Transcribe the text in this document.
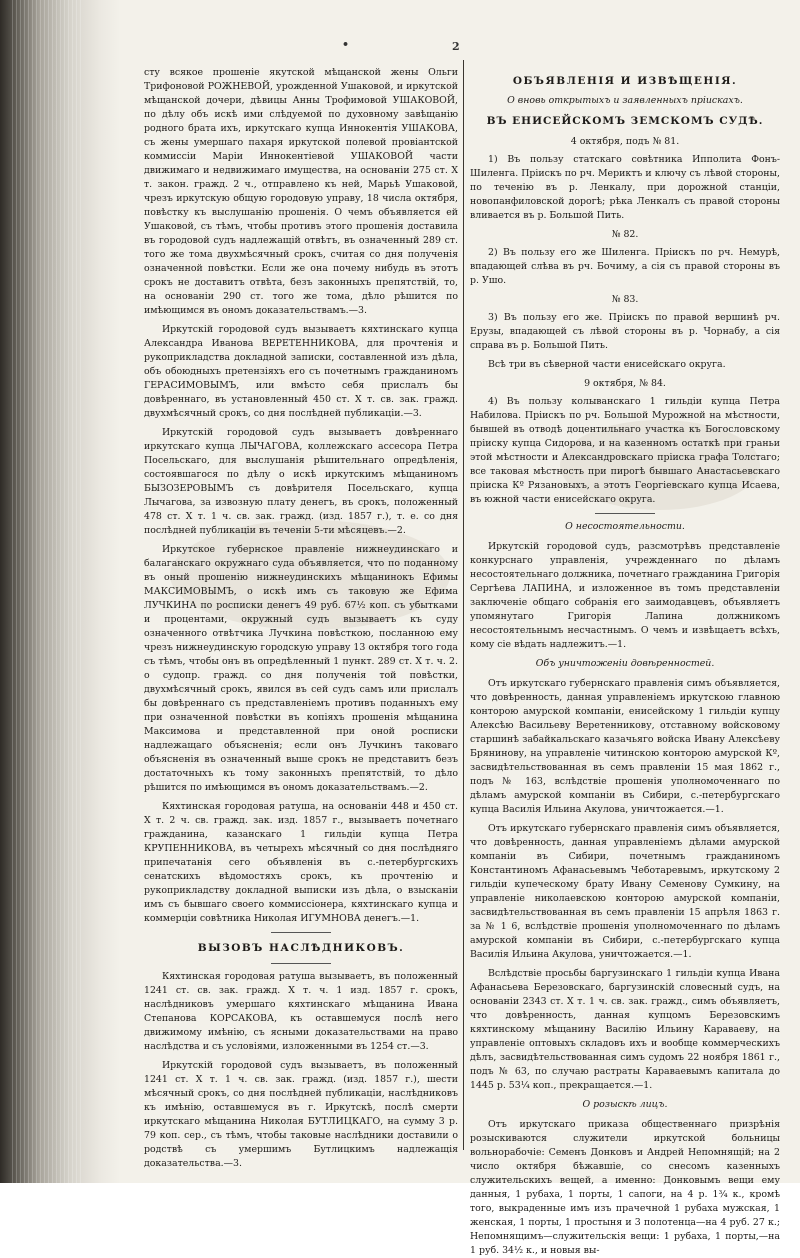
•	2

сту всякое прошеніе якутской мѣщанской жены Ольги Трифоновой РОЖНЕВОЙ, урожденной Ушаковой, и иркутской мѣщанской дочери, дѣвицы Анны Трофимовой УШАКОВОЙ, по дѣлу объ искѣ ими слѣдуемой по духовному завѣщанію родного брата ихъ, иркутскаго купца Иннокентія УШАКОВА, съ жены умершаго пахаря иркутской полевой провіантской коммиссіи Маріи Иннокентіевой УШАКОВОЙ части движимаго и недвижимаго имущества, на основаніи 275 ст. X т. закон. гражд. 2 ч., отправлено къ ней, Марьѣ Ушаковой, чрезъ иркутскую общую городовую управу, 18 числа октября, повѣстку къ выслушанію прошенія. О чемъ объявляется ей Ушаковой, съ тѣмъ, чтобы противъ этого прошенія доставила въ городовой судъ надлежащій отвѣтъ, въ означенный 289 ст. того же тома двухмѣсячный срокъ, считая со дня полученія означенной повѣстки. Если же она почему нибудь въ этотъ срокъ не доставитъ отвѣта, безъ законныхъ препятствій, то, на основаніи 290 ст. того же тома, дѣло рѣшится по имѣющимся въ ономъ доказательствамъ.—3.

Иркутскій городовой судъ вызываетъ кяхтинскаго купца Александра Иванова ВЕРЕТЕННИКОВА, для прочтенія и рукоприкладства докладной записки, составленной изъ дѣла, объ обоюдныхъ претензіяхъ его съ почетнымъ гражданиномъ ГЕРАСИМОВЫМЪ, или вмѣсто себя прислалъ бы довѣреннаго, въ установленный 450 ст. X т. св. зак. гражд. двухмѣсячный срокъ, со дня послѣдней публикаціи.—3.

Иркутскій городовой судъ вызываетъ довѣреннаго иркутскаго купца ЛЫЧАГОВА, коллежскаго ассесора Петра Посельскаго, для выслушанія рѣшительнаго опредѣленія, состоявшагося по дѣлу о искѣ иркутскимъ мѣщаниномъ БЫЗОЗЕРОВЫМЪ съ довѣрителя Посельскаго, купца Лычагова, за извозную плату денегъ, въ срокъ, положенный 478 ст. X т. 1 ч. св. зак. гражд. (изд. 1857 г.), т. е. со дня послѣдней публикаціи въ теченіи 5-ти мѣсяцевъ.—2.

Иркутское губернское правленіе нижнеудинскаго и балаганскаго окружнаго суда объявляется, что по поданному въ оный прошенію нижнеудинскихъ мѣщанинокъ Ефимы МАКСИМОВЫМЪ, о искѣ имъ съ таковую же Ефима ЛУЧКИНА по росписки денегъ 49 руб. 67½ коп. съ убытками и процентами, окружный судъ вызываетъ къ суду означенного отвѣтчика Лучкина повѣсткою, посланною ему чрезъ нижнеудинскую городскую управу 13 октября того года съ тѣмъ, чтобы онъ въ опредѣленный 1 пункт. 289 ст. X т. ч. 2. о судопр. гражд. со дня полученія той повѣстки, двухмѣсячный срокъ, явился въ сей судъ самъ или прислалъ бы довѣреннаго съ представленіемъ противъ поданныхъ ему при означенной повѣстки въ копіяхъ прошенія мѣщанина Максимова и представленной при оной росписки надлежащаго объясненія; если онъ Лучкинъ таковаго объясненія въ означенный выше срокъ не представитъ безъ достаточныхъ къ тому законныхъ препятствій, то дѣло рѣшится по имѣющимся въ ономъ доказательствамъ.—2.

Кяхтинская городовая ратуша, на основаніи 448 и 450 ст. X т. 2 ч. св. гражд. зак. изд. 1857 г., вызываетъ почетнаго гражданина, казанскаго 1 гильдіи купца Петра КРУПЕННИКОВА, въ четырехъ мѣсячный со дня послѣдняго припечатанія сего объявленія въ с.-петербургскихъ сенатскихъ вѣдомостяхъ срокъ, къ прочтенію и рукоприкладству докладной выписки изъ дѣла, о взысканіи имъ съ бывшаго своего коммиссіонера, кяхтинскаго купца и коммерціи совѣтника Николая ИГУМНОВА денегъ.—1.

ВЫЗОВЪ НАСЛѢДНИКОВЪ.

Кяхтинская городовая ратуша вызываетъ, въ положенный 1241 ст. св. зак. гражд. X т. ч. 1 изд. 1857 г. срокъ, наслѣдниковъ умершаго кяхтинскаго мѣщанина Ивана Степанова КОРСАКОВА, къ оставшемуся послѣ него движимому имѣнію, съ ясными доказательствами на право наслѣдства и съ условіями, изложенными въ 1254 ст.—3.

Иркутскій городовой судъ вызываетъ, въ положенный 1241 ст. X т. 1 ч. св. зак. гражд. (изд. 1857 г.), шести мѣсячный срокъ, со дня послѣдней публикаціи, наслѣдниковъ къ имѣнію, оставшемуся въ г. Иркутскѣ, послѣ смерти иркутскаго мѣщанина Николая БУТЛИЦКАГО, на сумму 3 р. 79 коп. сер., съ тѣмъ, чтобы таковые наслѣдники доставили о родствѣ съ умершимъ Бутлицкимъ надлежащія доказательства.—3.

ОБЪЯВЛЕНІЯ И ИЗВѢЩЕНІЯ.
О вновь открытыхъ и заявленныхъ пріискахъ.
ВЪ ЕНИСЕЙСКОМЪ ЗЕМСКОМЪ СУДѢ.
4 октября, подъ № 81.

1) Въ пользу статскаго совѣтника Ипполита Фонъ-Шиленга. Пріискъ по рч. Мериктъ и ключу съ лѣвой стороны, по теченію въ р. Ленкалу, при дорожной станціи, новопанфиловской дорогѣ; рѣка Ленкалъ съ правой стороны вливается въ р. Большой Пить.

№ 82.

2) Въ пользу его же Шиленга. Пріискъ по рч. Немурѣ, впадающей слѣва въ рч. Бочиму, а сія съ правой стороны въ р. Ушо.

№ 83.

3) Въ пользу его же. Пріискъ по правой вершинѣ рч. Ерузы, впадающей съ лѣвой стороны въ р. Чорнабу, а сія справа въ р. Большой Пить.

Всѣ три въ сѣверной части енисейскаго округа.

9 октября, № 84.

4) Въ пользу колыванскаго 1 гильдіи купца Петра Набилова. Пріискъ по рч. Большой Мурожной на мѣстности, бывшей въ отводѣ доцентильнаго участка къ Богословскому пріиску купца Сидорова, и на казенномъ остаткѣ при граньи этой мѣстности и Александровскаго пріиска графа Толстаго; все таковая мѣстность при пирогѣ бывшаго Анастасьевскаго пріиска Кº Рязановыхъ, а этотъ Георгіевскаго купца Исаева, въ южной части енисейскаго округа.

О несостоятельности.

Иркутскій городовой судъ, разсмотрѣвъ представленіе конкурснаго управленія, учрежденнаго по дѣламъ несостоятельнаго должника, почетнаго гражданина Григорія Сергѣева ЛАПИНА, и изложенное въ томъ представленіи заключеніе общаго собранія его заимодавцевъ, объявляетъ упомянутаго Григорія Лапина должникомъ несостоятельнымъ несчастнымъ. О чемъ и извѣщаетъ всѣхъ, кому сіе вѣдать надлежитъ.—1.

Объ уничтоженіи довѣренностей.

Отъ иркутскаго губернскаго правленія симъ объявляется, что довѣренность, данная управленіемъ иркутскою главною конторою амурской компаніи, енисейскому 1 гильдіи купцу Алексѣю Васильеву Веретенникову, отставному войсковому старшинѣ забайкальскаго казачьяго войска Ивану Алексѣеву Брянинову, на управленіе читинскою конторою амурской Кº, засвидѣтельствованная въ семъ правленіи 15 мая 1862 г., подъ № 163, вслѣдствіе прошенія уполномоченнаго по дѣламъ амурской компаніи въ Сибири, с.-петербургскаго купца Василія Ильина Акулова, уничтожается.—1.

Отъ иркутскаго губернскаго правленія симъ объявляется, что довѣренность, данная управленіемъ дѣлами амурской компаніи въ Сибири, почетнымъ гражданиномъ Константиномъ Афанасьевымъ Чеботаревымъ, иркутскому 2 гильдіи купеческому брату Ивану Семенову Сумкину, на управленіе николаевскою конторою амурской компаніи, засвидѣтельствованная въ семъ правленіи 15 апрѣля 1863 г. за № 1 6, вслѣдствіе прошенія уполномоченнаго по дѣламъ амурской компаніи въ Сибири, с.-петербургскаго купца Василія Ильина Акулова, уничтожается.—1.

Вслѣдствіе просьбы баргузинскаго 1 гильдіи купца Ивана Афанасьева Березовскаго, баргузинскій словесный судъ, на основаніи 2343 ст. X т. 1 ч. св. зак. гражд., симъ объявляетъ, что довѣренность, данная купцомъ Березовскимъ кяхтинскому мѣщанину Василію Ильину Караваеву, на управленіе оптовыхъ складовъ ихъ и вообще коммерческихъ дѣлъ, засвидѣтельствованная симъ судомъ 22 ноября 1861 г., подъ № 63, по случаю растраты Караваевымъ капитала до 1445 р. 53¼ коп., прекращается.—1.

О розыскѣ лицъ.

Отъ иркутскаго приказа общественнаго призрѣнія розыскиваются служители иркутской больницы вольнорабочіе: Семенъ Донковъ и Андрей Непомнящій; на 2 число октября бѣжавшіе, со снесомъ казенныхъ служительскихъ вещей, а именно: Донковымъ вещи ему данныя, 1 рубаха, 1 порты, 1 сапоги, на 4 р. 1¾ к., кромѣ того, выкраденные имъ изъ прачечной 1 рубаха мужская, 1 женская, 1 порты, 1 простыня и 3 полотенца—на 4 руб. 27 к.; Непомнящимъ—служительскія вещи: 1 рубаха, 1 порты,—на 1 руб. 34½ к., и новыя вы-
